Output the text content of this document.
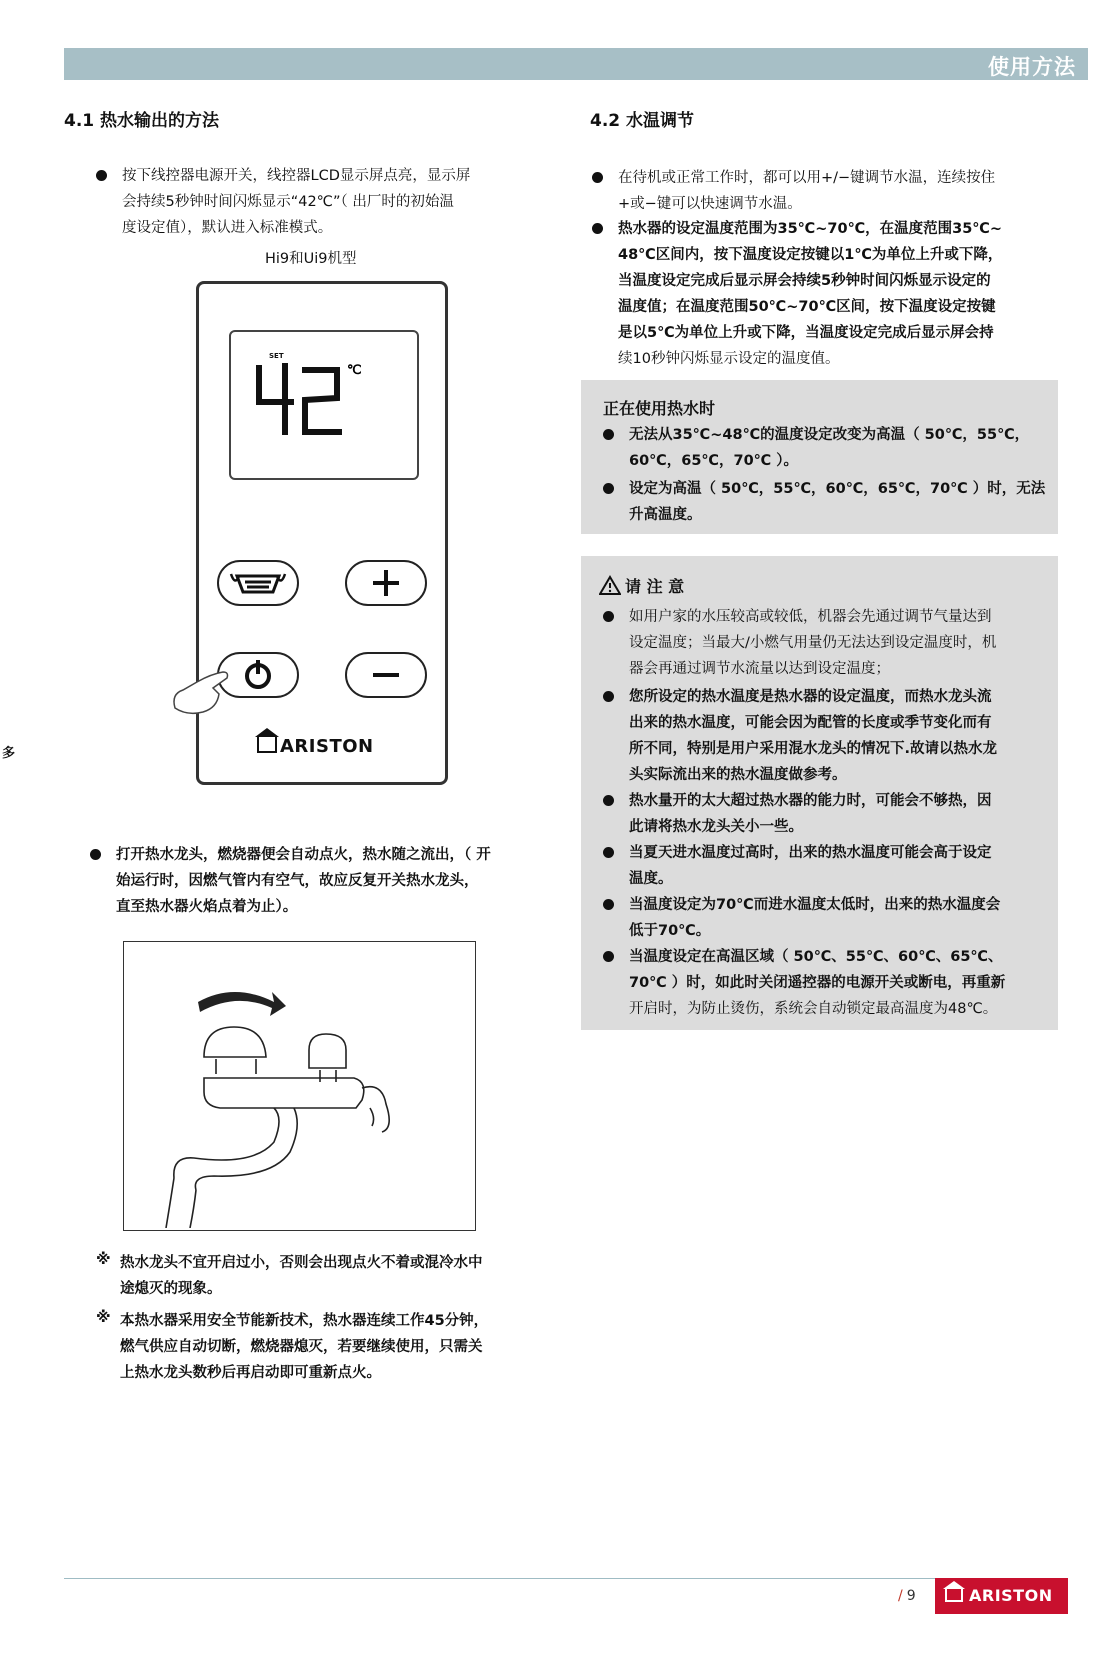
使用方法
4.1 热水输出的方法
按下线控器电源开关，线控器LCD显示屏点亮，显示屏
会持续5秒钟时间闪烁显示“42℃”（ 出厂时的初始温
度设定值），默认进入标准模式。
Hi9和Ui9机型
SET
℃
ARISTON
打开热水龙头，燃烧器便会自动点火，热水随之流出，（ 开
始运行时，因燃气管内有空气，故应反复开关热水龙头，
直至热水器火焰点着为止）。
※ 热水龙头不宜开启过小，否则会出现点火不着或混冷水中
途熄灭的现象。
※ 本热水器采用安全节能新技术，热水器连续工作45分钟，
燃气供应自动切断，燃烧器熄灭，若要继续使用，只需关
上热水龙头数秒后再启动即可重新点火。
多
4.2 水温调节
在待机或正常工作时，都可以用+/−键调节水温，连续按住
+或−键可以快速调节水温。
热水器的设定温度范围为35℃~70℃，在温度范围35℃~
48℃区间内，按下温度设定按键以1℃为单位上升或下降，
当温度设定完成后显示屏会持续5秒钟时间闪烁显示设定的
温度值；在温度范围50℃~70℃区间，按下温度设定按键
是以5℃为单位上升或下降，当温度设定完成后显示屏会持
续10秒钟闪烁显示设定的温度值。
正在使用热水时
无法从35℃~48℃的温度设定改变为高温（ 50℃，55℃，
60℃，65℃，70℃ ）。
设定为高温（ 50℃，55℃，60℃，65℃，70℃ ）时，无法
升高温度。
请 注 意
如用户家的水压较高或较低，机器会先通过调节气量达到
设定温度；当最大/小燃气用量仍无法达到设定温度时，机
器会再通过调节水流量以达到设定温度；
您所设定的热水温度是热水器的设定温度，而热水龙头流
出来的热水温度，可能会因为配管的长度或季节变化而有
所不同，特别是用户采用混水龙头的情况下.故请以热水龙
头实际流出来的热水温度做参考。
热水量开的太大超过热水器的能力时，可能会不够热，因
此请将热水龙头关小一些。
当夏天进水温度过高时，出来的热水温度可能会高于设定
温度。
当温度设定为70℃而进水温度太低时，出来的热水温度会
低于70℃。
当温度设定在高温区域（ 50℃、55℃、60℃、65℃、
70℃ ）时，如此时关闭遥控器的电源开关或断电，再重新
开启时，为防止烫伤，系统会自动锁定最高温度为48℃。
/ 9	ARISTON
